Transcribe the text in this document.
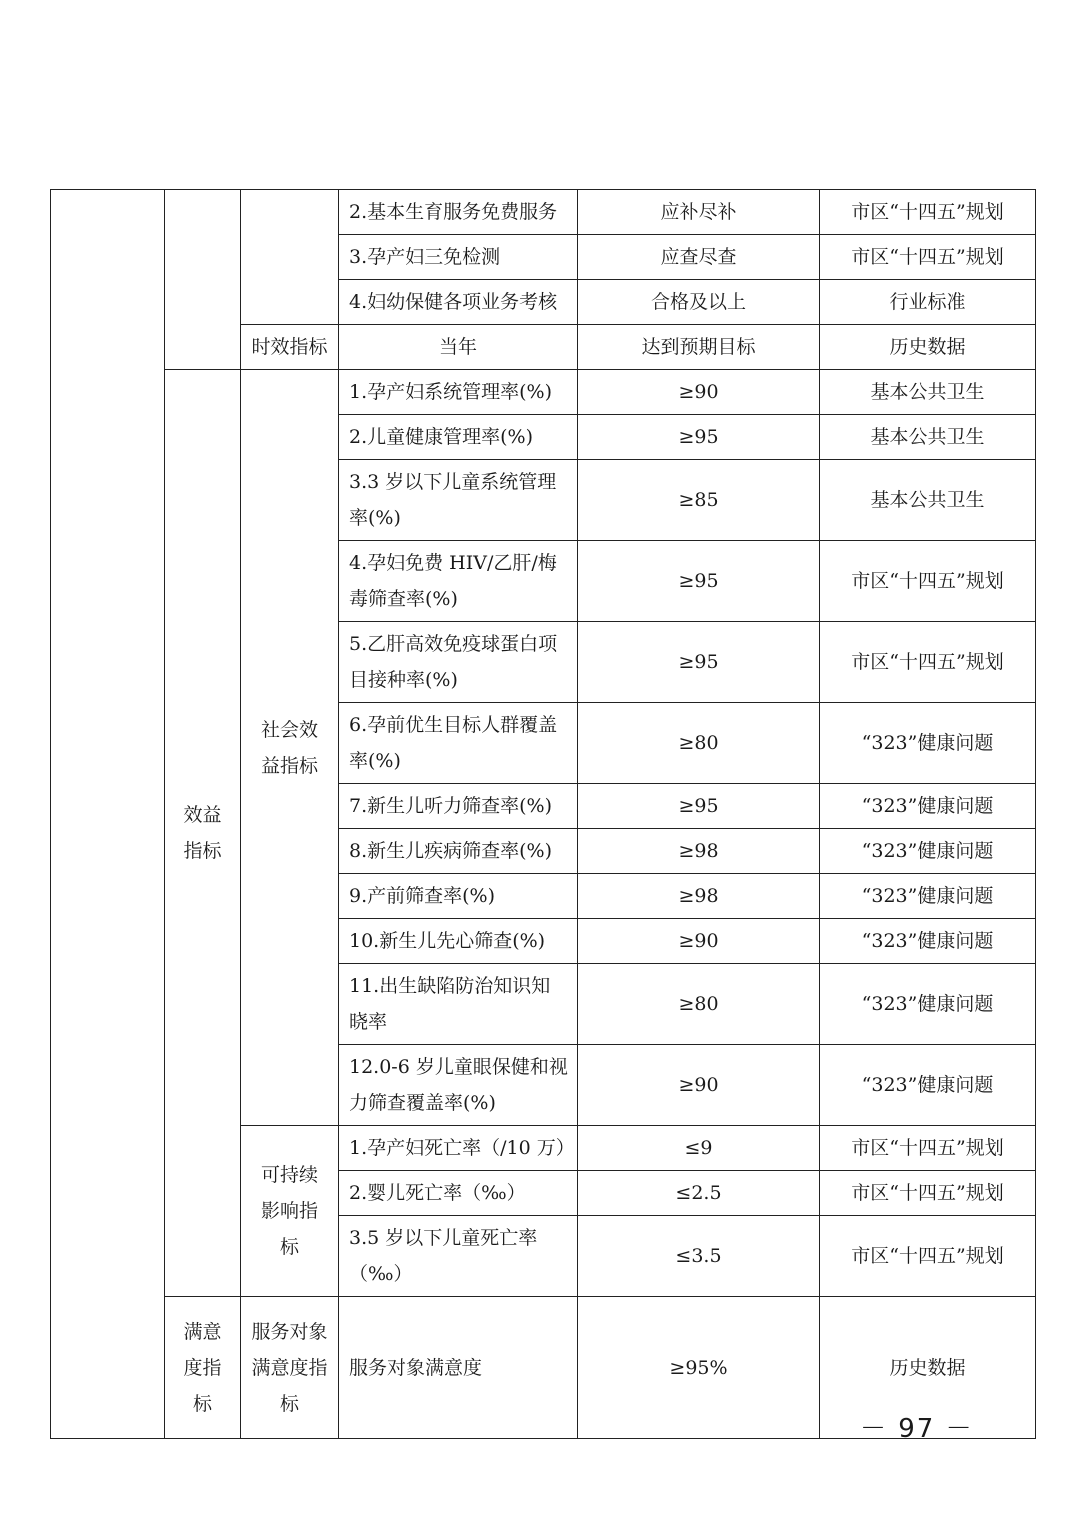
			2.基本生育服务免费服务	应补尽补	市区“十四五”规划
			3.孕产妇三免检测	应查尽查	市区“十四五”规划
			4.妇幼保健各项业务考核	合格及以上	行业标准
		时效指标	当年	达到预期目标	历史数据
	效益指标	社会效益指标	1.孕产妇系统管理率(%)	≥90	基本公共卫生
			2.儿童健康管理率(%)	≥95	基本公共卫生
			3.3 岁以下儿童系统管理率(%)	≥85	基本公共卫生
			4.孕妇免费 HIV/乙肝/梅毒筛查率(%)	≥95	市区“十四五”规划
			5.乙肝高效免疫球蛋白项目接种率(%)	≥95	市区“十四五”规划
			6.孕前优生目标人群覆盖率(%)	≥80	“323”健康问题
			7.新生儿听力筛查率(%)	≥95	“323”健康问题
			8.新生儿疾病筛查率(%)	≥98	“323”健康问题
			9.产前筛查率(%)	≥98	“323”健康问题
			10.新生儿先心筛查(%)	≥90	“323”健康问题
			11.出生缺陷防治知识知晓率	≥80	“323”健康问题
			12.0-6 岁儿童眼保健和视力筛查覆盖率(%)	≥90	“323”健康问题
		可持续影响指标	1.孕产妇死亡率（/10 万）	≤9	市区“十四五”规划
			2.婴儿死亡率（‰）	≤2.5	市区“十四五”规划
			3.5 岁以下儿童死亡率（‰）	≤3.5	市区“十四五”规划
	满意度指标	服务对象满意度指标	服务对象满意度	≥95%	历史数据
－ 97 －
